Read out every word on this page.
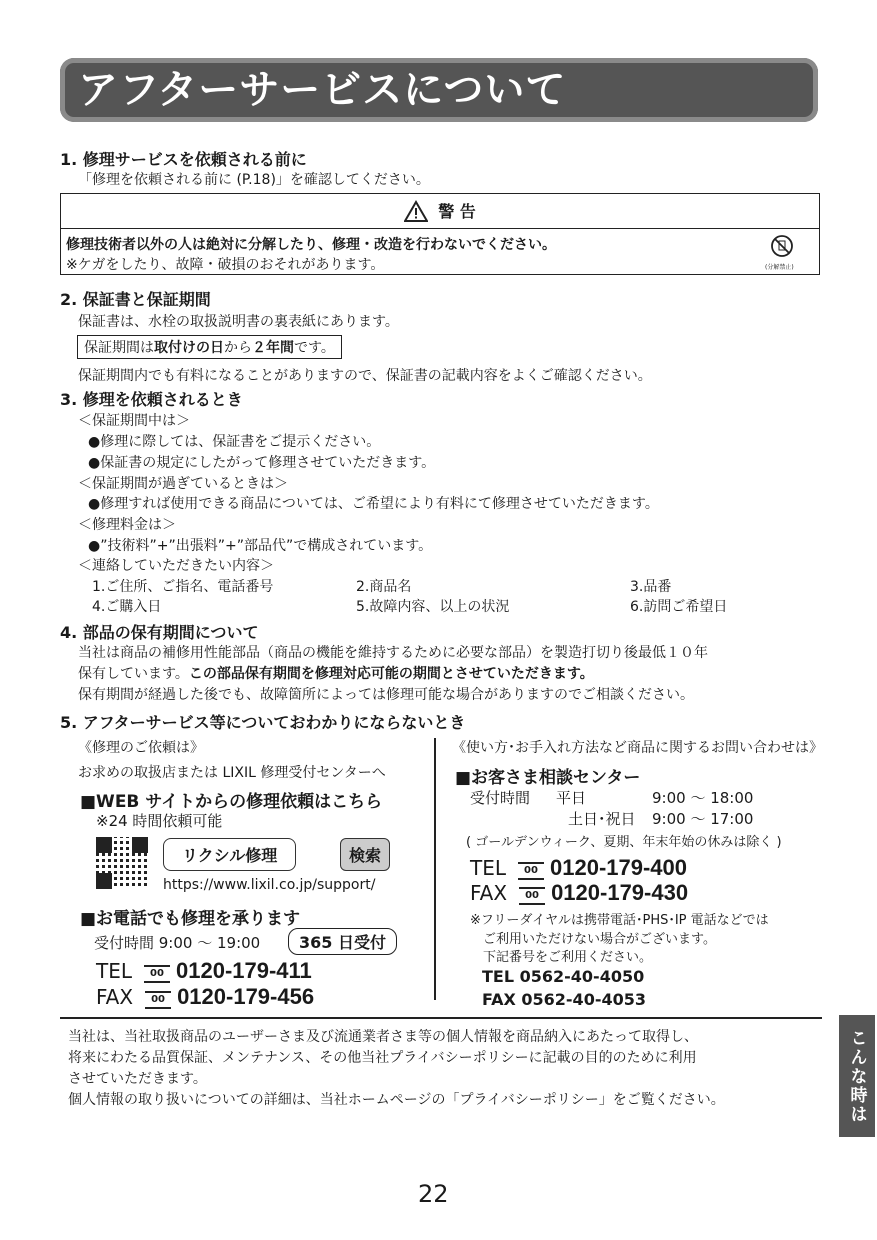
アフターサービスについて
1. 修理サービスを依頼される前に
「修理を依頼される前に (P.18)」を確認してください。
警 告
修理技術者以外の人は絶対に分解したり、修理・改造を行わないでください。
※ケガをしたり、故障・破損のおそれがあります。	(分解禁止)
2. 保証書と保証期間
保証書は、水栓の取扱説明書の裏表紙にあります。
保証期間は取付けの日から２年間です。
保証期間内でも有料になることがありますので、保証書の記載内容をよくご確認ください。
3. 修理を依頼されるとき
＜保証期間中は＞
●修理に際しては、保証書をご提示ください。
●保証書の規定にしたがって修理させていただきます。
＜保証期間が過ぎているときは＞
●修理すれば使用できる商品については、ご希望により有料にて修理させていただきます。
＜修理料金は＞
●”技術料”+”出張料”+”部品代”で構成されています。
＜連絡していただきたい内容＞
1.ご住所、ご指名、電話番号	2.商品名	3.品番
4.ご購入日	5.故障内容、以上の状況	6.訪問ご希望日
4. 部品の保有期間について
当社は商品の補修用性能部品（商品の機能を維持するために必要な部品）を製造打切り後最低１０年
保有しています。この部品保有期間を修理対応可能の期間とさせていただきます。
保有期間が経過した後でも、故障箇所によっては修理可能な場合がありますのでご相談ください。
5. アフターサービス等についておわかりにならないとき
《修理のご依頼は》
お求めの取扱店または LIXIL 修理受付センターへ
■WEB サイトからの修理依頼はこちら
※24 時間依頼可能
リクシル修理	検索
https://www.lixil.co.jp/support/
■お電話でも修理を承ります
受付時間 9:00 〜 19:00	365 日受付
TEL 00 0120-179-411
FAX 00 0120-179-456
《使い方･お手入れ方法など商品に関するお問い合わせは》
■お客さま相談センター
受付時間 平日	9:00 〜 18:00
土日･祝日 9:00 〜 17:00
( ゴールデンウィーク、夏期、年末年始の休みは除く )
TEL 00 0120-179-400
FAX 00 0120-179-430
※フリーダイヤルは携帯電話･PHS･IP 電話などでは
ご利用いただけない場合がございます。
下記番号をご利用ください。
TEL 0562-40-4050
FAX 0562-40-4053
当社は、当社取扱商品のユーザーさま及び流通業者さま等の個人情報を商品納入にあたって取得し、
将来にわたる品質保証、メンテナンス、その他当社プライバシーポリシーに記載の目的のために利用
させていただきます。
個人情報の取り扱いについての詳細は、当社ホームページの「プライバシーポリシー」をご覧ください。	こんな時は
22
